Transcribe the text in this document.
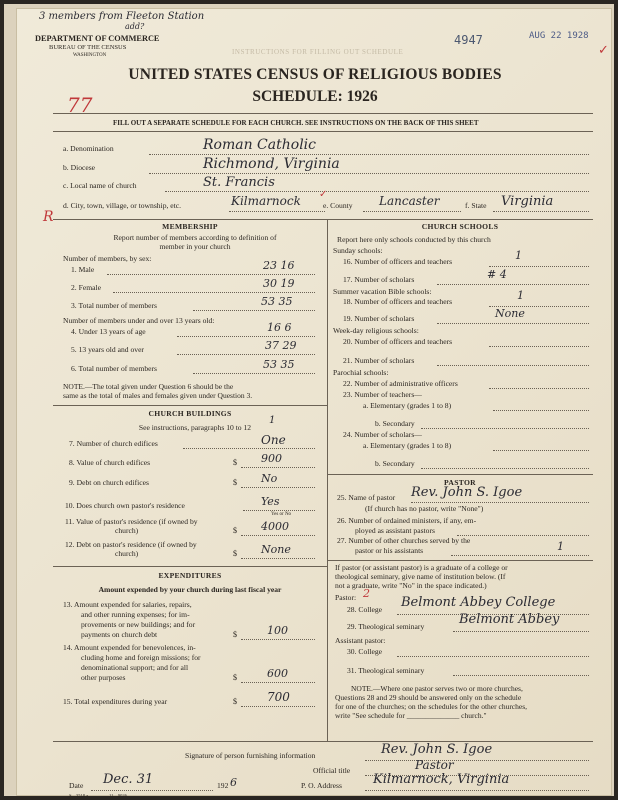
3 members from Fleeton Station
add?
DEPARTMENT OF COMMERCE
BUREAU OF THE CENSUS
WASHINGTON	INSTRUCTIONS FOR FILLING OUT SCHEDULE
4947	AUG 22 1928
✓
77
R
UNITED STATES CENSUS OF RELIGIOUS BODIES
SCHEDULE: 1926
FILL OUT A SEPARATE SCHEDULE FOR EACH CHURCH. SEE INSTRUCTIONS ON THE BACK OF THIS SHEET
a. Denomination	Roman Catholic
b. Diocese	Richmond, Virginia
c. Local name of church	St. Francis
d. City, town, village, or township, etc.	Kilmarnock	e. County Lancaster	f. State Virginia
✓
MEMBERSHIP
Report number of members according to definition of
member in your church
Number of members, by sex:
1. Male	23 16
2. Female	30 19
3. Total number of members	53 35
Number of members under and over 13 years old:
4. Under 13 years of age	16 6
5. 13 years old and over	37 29
6. Total number of members	53 35
NOTE.—The total given under Question 6 should be the
same as the total of males and females given under Question 3.
CHURCH BUILDINGS
1
See instructions, paragraphs 10 to 12
7. Number of church edifices	One
8. Value of church edifices	$ 900
9. Debt on church edifices	$ No
10. Does church own pastor's residence	Yes
Yes or No
11. Value of pastor's residence (if owned by
church)	$ 4000
12. Debt on pastor's residence (if owned by
church)	$ None
EXPENDITURES
Amount expended by your church during last fiscal year
13. Amount expended for salaries, repairs,
and other running expenses; for im-
provements or new buildings; and for
payments on church debt	$	100
14. Amount expended for benevolences, in-
cluding home and foreign missions; for
denominational support; and for all
other purposes	$	600
15. Total expenditures during year	$	700
CHURCH SCHOOLS
Report here only schools conducted by this church
Sunday schools:
16. Number of officers and teachers	1
17. Number of scholars	# 4
Summer vacation Bible schools:
18. Number of officers and teachers	1
19. Number of scholars	None
Week-day religious schools:
20. Number of officers and teachers
21. Number of scholars
Parochial schools:
22. Number of administrative officers
23. Number of teachers—
a. Elementary (grades 1 to 8)
b. Secondary
24. Number of scholars—
a. Elementary (grades 1 to 8)
b. Secondary
PASTOR
25. Name of pastor Rev. John S. Igoe
(If church has no pastor, write "None")
26. Number of ordained ministers, if any, em-
ployed as assistant pastors
27. Number of other churches served by the
pastor or his assistants	1
If pastor (or assistant pastor) is a graduate of a college or
theological seminary, give name of institution below. (If
not a graduate, write "No" in the space indicated.)
Pastor: 2
28. College Belmont Abbey College
29. Theological seminary	Belmont Abbey
Assistant pastor:
30. College
31. Theological seminary
NOTE.—Where one pastor serves two or more churches,
Questions 28 and 29 should be answered only on the schedule
for one of the churches; on the schedules for the other churches,
write "See schedule for ______________ church."
Signature of person furnishing information	Rev. John S. Igoe
Official title	Pastor
Date Dec. 31	192 6	P. O. Address Kilmarnock, Virginia
S—3518 a	11—9026
